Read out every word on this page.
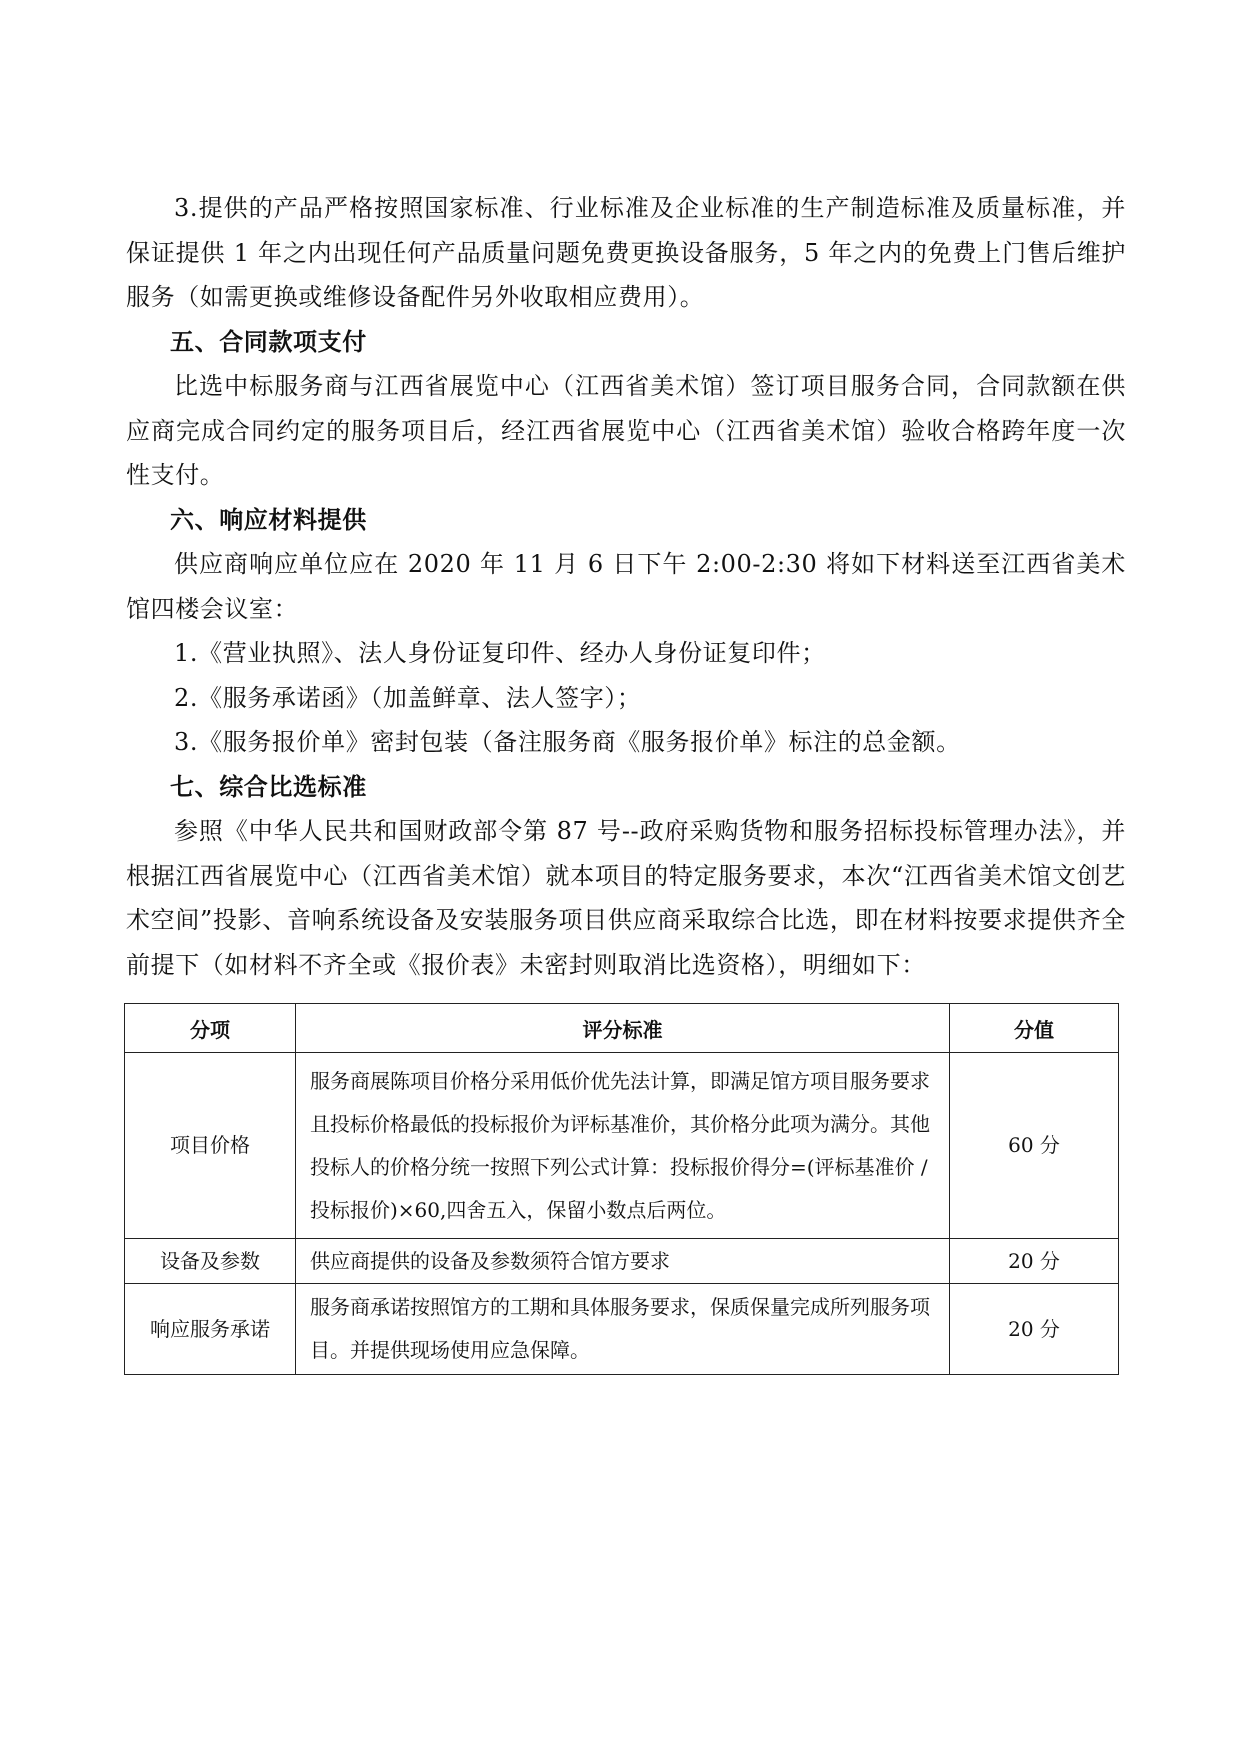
3.提供的产品严格按照国家标准、行业标准及企业标准的生产制造标准及质量标准，并保证提供 1 年之内出现任何产品质量问题免费更换设备服务，5 年之内的免费上门售后维护服务（如需更换或维修设备配件另外收取相应费用）。

五、合同款项支付

比选中标服务商与江西省展览中心（江西省美术馆）签订项目服务合同，合同款额在供应商完成合同约定的服务项目后，经江西省展览中心（江西省美术馆）验收合格跨年度一次性支付。

六、响应材料提供

供应商响应单位应在 2020 年 11 月 6 日下午 2:00-2:30 将如下材料送至江西省美术馆四楼会议室：

1.《营业执照》、法人身份证复印件、经办人身份证复印件；

2.《服务承诺函》（加盖鲜章、法人签字）；

3.《服务报价单》密封包装（备注服务商《服务报价单》标注的总金额。

七、综合比选标准

参照《中华人民共和国财政部令第 87 号--政府采购货物和服务招标投标管理办法》，并根据江西省展览中心（江西省美术馆）就本项目的特定服务要求，本次“江西省美术馆文创艺术空间”投影、音响系统设备及安装服务项目供应商采取综合比选，即在材料按要求提供齐全前提下（如材料不齐全或《报价表》未密封则取消比选资格），明细如下：

分项	评分标准	分值
项目价格	服务商展陈项目价格分采用低价优先法计算，即满足馆方项目服务要求且投标价格最低的投标报价为评标基准价，其价格分此项为满分。其他投标人的价格分统一按照下列公式计算：投标报价得分=(评标基准价 / 投标报价)×60,四舍五入，保留小数点后两位。	60 分
设备及参数	供应商提供的设备及参数须符合馆方要求	20 分
响应服务承诺	服务商承诺按照馆方的工期和具体服务要求，保质保量完成所列服务项目。并提供现场使用应急保障。	20 分
